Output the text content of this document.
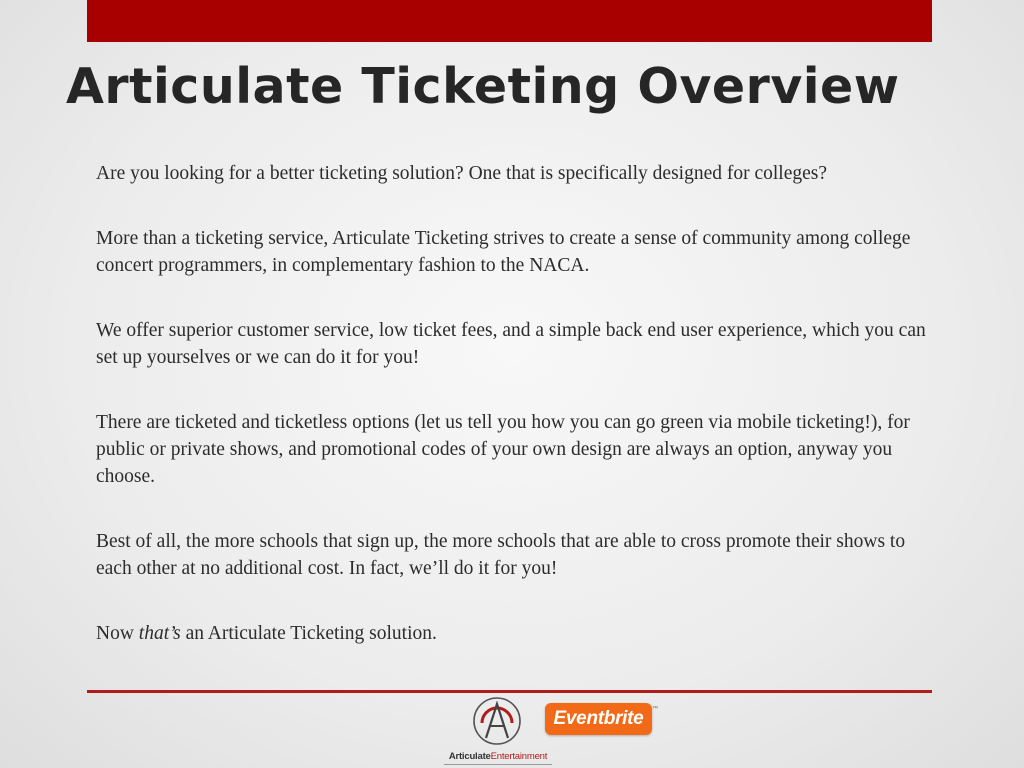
Articulate Ticketing Overview

Are you looking for a better ticketing solution? One that is specifically designed for colleges?

More than a ticketing service, Articulate Ticketing strives to create a sense of community among college concert programmers, in complementary fashion to the NACA.

We offer superior customer service, low ticket fees, and a simple back end user experience, which you can set up yourselves or we can do it for you!

There are ticketed and ticketless options (let us tell you how you can go green via mobile ticketing!), for public or private shows, and promotional codes of your own design are always an option, anyway you choose.

Best of all, the more schools that sign up, the more schools that are able to cross promote their shows to each other at no additional cost. In fact, we’ll do it for you!

Now that’s an Articulate Ticketing solution.

ArticulateEntertainment
Eventbrite ™
